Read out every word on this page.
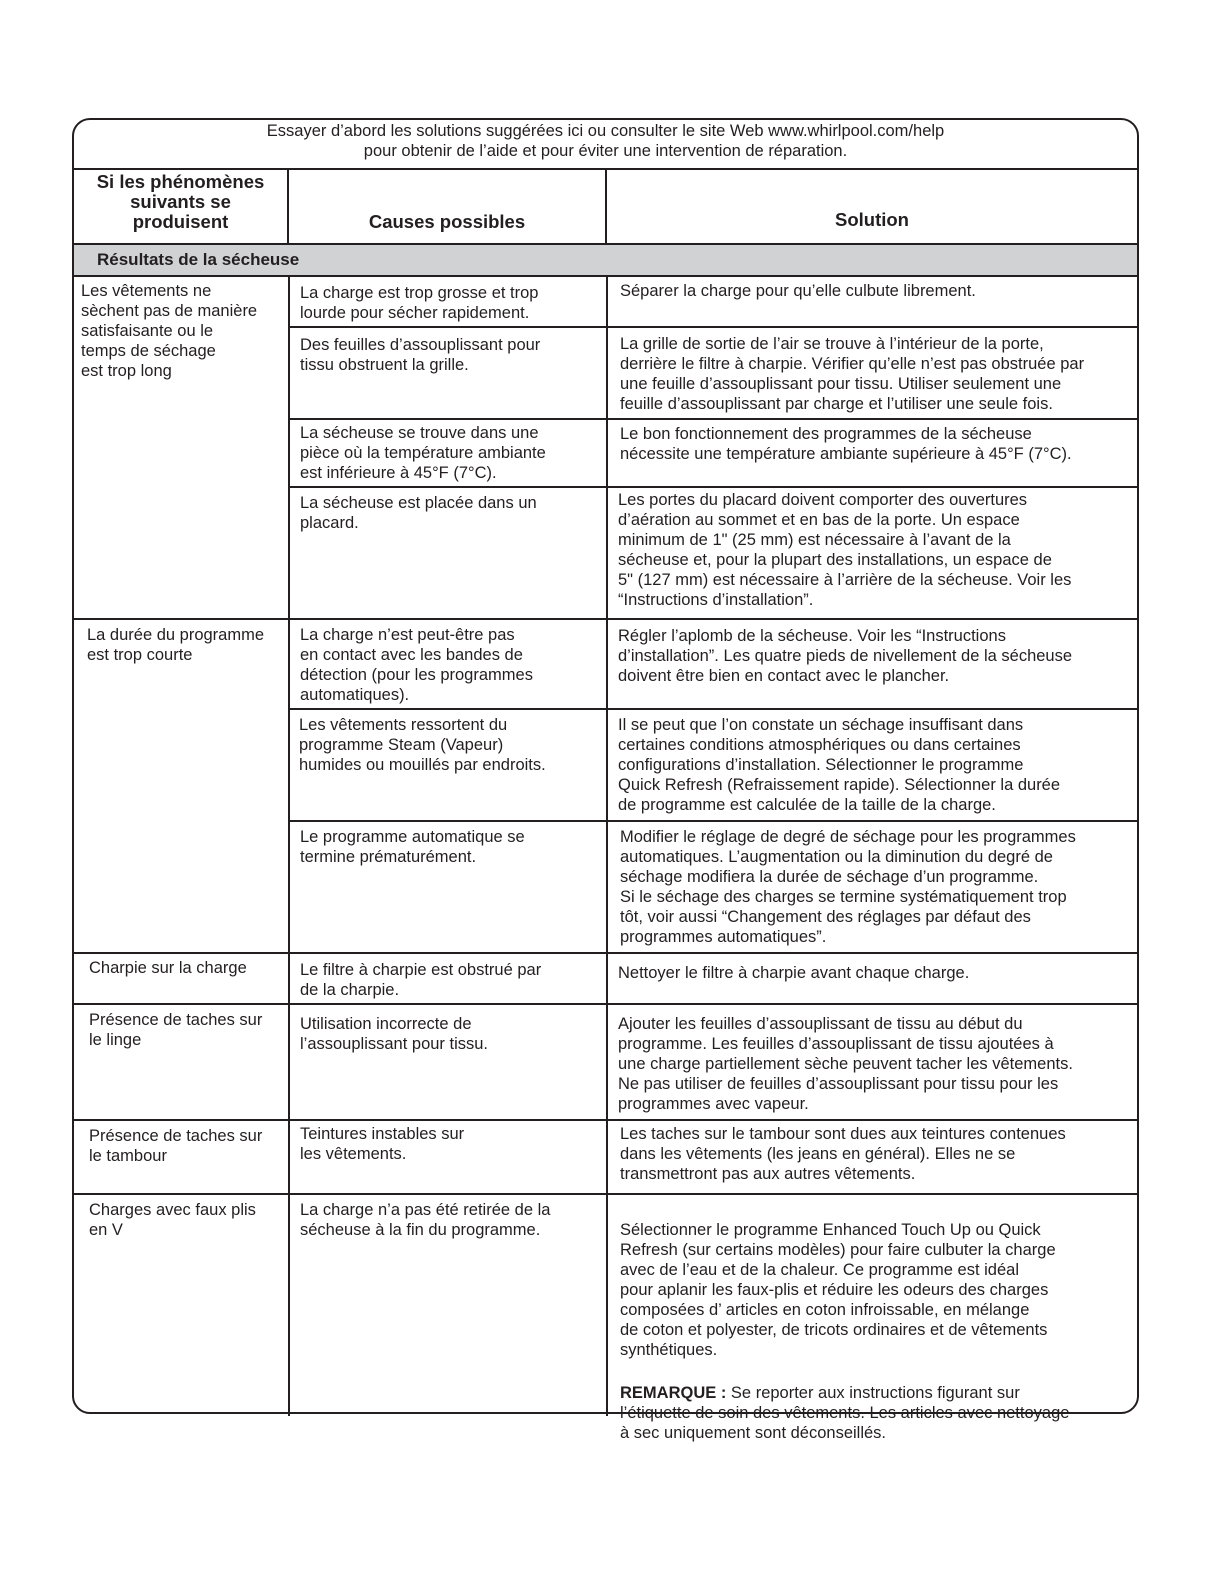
Essayer d’abord les solutions suggérées ici ou consulter le site Web www.whirlpool.com/help
pour obtenir de l’aide et pour éviter une intervention de réparation.
Si les phénomènes
suivants se
produisent	Causes possibles	Solution
Résultats de la sécheuse
Les vêtements ne
sèchent pas de manière
satisfaisante ou le
temps de séchage
est trop long
La durée du programme
est trop courte
Charpie sur la charge
Présence de taches sur
le linge
Présence de taches sur
le tambour
Charges avec faux plis
en V
La charge est trop grosse et trop
lourde pour sécher rapidement.
Des feuilles d’assouplissant pour
tissu obstruent la grille.
La sécheuse se trouve dans une
pièce où la température ambiante
est inférieure à 45°F (7°C).
La sécheuse est placée dans un
placard.
La charge n’est peut-être pas
en contact avec les bandes de
détection (pour les programmes
automatiques).
Les vêtements ressortent du
programme Steam (Vapeur)
humides ou mouillés par endroits.
Le programme automatique se
termine prématurément.
Le filtre à charpie est obstrué par
de la charpie.
Utilisation incorrecte de
l’assouplissant pour tissu.
Teintures instables sur
les vêtements.
La charge n’a pas été retirée de la
sécheuse à la fin du programme.
Séparer la charge pour qu’elle culbute librement.
La grille de sortie de l’air se trouve à l’intérieur de la porte,
derrière le filtre à charpie. Vérifier qu’elle n’est pas obstruée par
une feuille d’assouplissant pour tissu. Utiliser seulement une
feuille d’assouplissant par charge et l’utiliser une seule fois.
Le bon fonctionnement des programmes de la sécheuse
nécessite une température ambiante supérieure à 45°F (7°C).
Les portes du placard doivent comporter des ouvertures
d’aération au sommet et en bas de la porte. Un espace
minimum de 1" (25 mm) est nécessaire à l’avant de la
sécheuse et, pour la plupart des installations, un espace de
5" (127 mm) est nécessaire à l’arrière de la sécheuse. Voir les
“Instructions d’installation”.
Régler l’aplomb de la sécheuse. Voir les “Instructions
d’installation”. Les quatre pieds de nivellement de la sécheuse
doivent être bien en contact avec le plancher.
Il se peut que l’on constate un séchage insuffisant dans
certaines conditions atmosphériques ou dans certaines
configurations d’installation. Sélectionner le programme
Quick Refresh (Refraissement rapide). Sélectionner la durée
de programme est calculée de la taille de la charge.
Modifier le réglage de degré de séchage pour les programmes
automatiques. L’augmentation ou la diminution du degré de
séchage modifiera la durée de séchage d’un programme.
Si le séchage des charges se termine systématiquement trop
tôt, voir aussi “Changement des réglages par défaut des
programmes automatiques”.
Nettoyer le filtre à charpie avant chaque charge.
Ajouter les feuilles d’assouplissant de tissu au début du
programme. Les feuilles d’assouplissant de tissu ajoutées à
une charge partiellement sèche peuvent tacher les vêtements.
Ne pas utiliser de feuilles d’assouplissant pour tissu pour les
programmes avec vapeur.
Les taches sur le tambour sont dues aux teintures contenues
dans les vêtements (les jeans en général). Elles ne se
transmettront pas aux autres vêtements.

Sélectionner le programme Enhanced Touch Up ou Quick
Refresh (sur certains modèles) pour faire culbuter la charge
avec de l’eau et de la chaleur. Ce programme est idéal
pour aplanir les faux-plis et réduire les odeurs des charges
composées d’ articles en coton infroissable, en mélange
de coton et polyester, de tricots ordinaires et de vêtements
synthétiques.

REMARQUE : Se reporter aux instructions figurant sur
l’étiquette de soin des vêtements. Les articles avec nettoyage
à sec uniquement sont déconseillés.
